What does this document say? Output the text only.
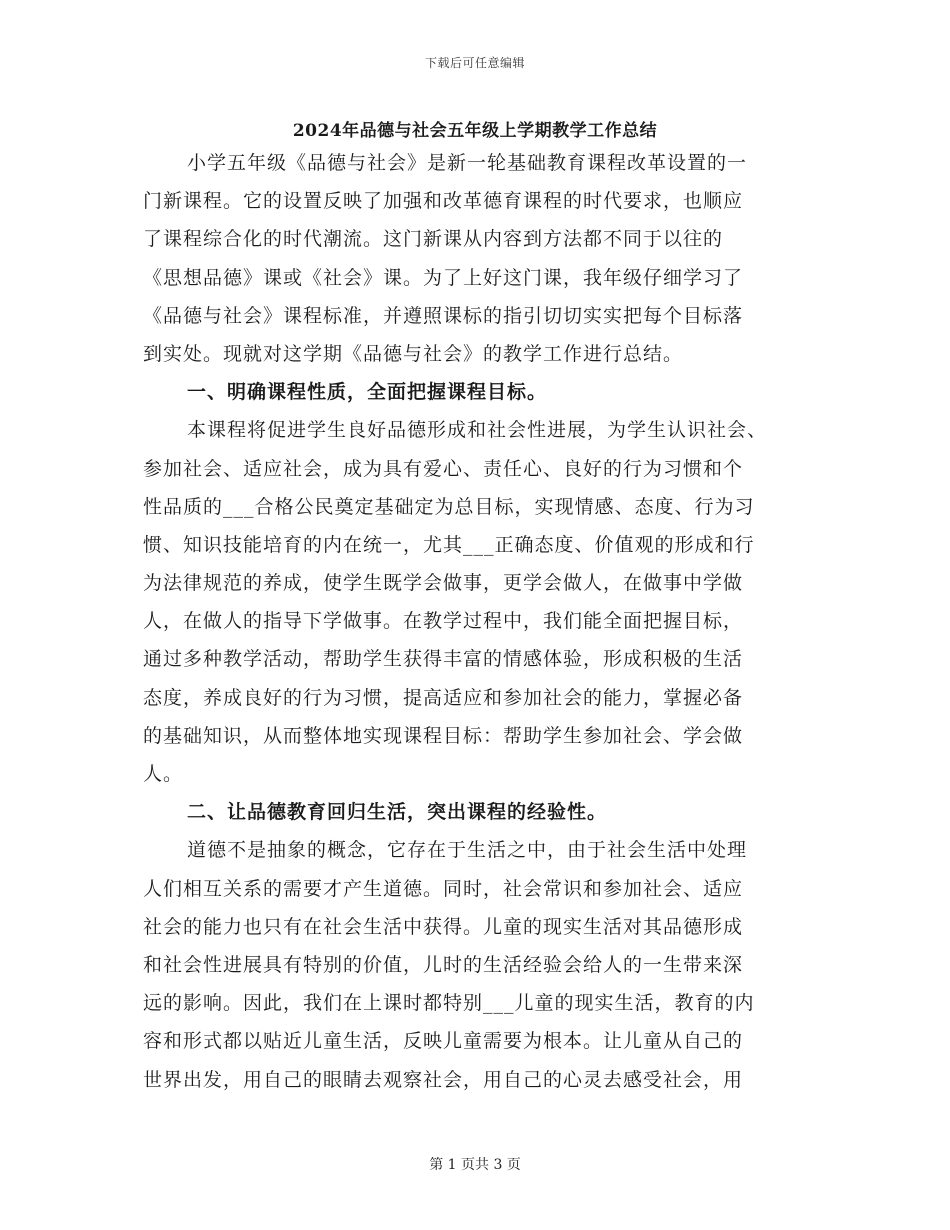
下载后可任意编辑
2024年品德与社会五年级上学期教学工作总结
小学五年级《品德与社会》是新一轮基础教育课程改革设置的一
门新课程。它的设置反映了加强和改革德育课程的时代要求，也顺应
了课程综合化的时代潮流。这门新课从内容到方法都不同于以往的
《思想品德》课或《社会》课。为了上好这门课，我年级仔细学习了
《品德与社会》课程标准，并遵照课标的指引切切实实把每个目标落
到实处。现就对这学期《品德与社会》的教学工作进行总结。
一、明确课程性质，全面把握课程目标。
本课程将促进学生良好品德形成和社会性进展，为学生认识社会、
参加社会、适应社会，成为具有爱心、责任心、良好的行为习惯和个
性品质的___合格公民奠定基础定为总目标，实现情感、态度、行为习
惯、知识技能培育的内在统一，尤其___正确态度、价值观的形成和行
为法律规范的养成，使学生既学会做事，更学会做人，在做事中学做
人，在做人的指导下学做事。在教学过程中，我们能全面把握目标，
通过多种教学活动，帮助学生获得丰富的情感体验，形成积极的生活
态度，养成良好的行为习惯，提高适应和参加社会的能力，掌握必备
的基础知识，从而整体地实现课程目标：帮助学生参加社会、学会做
人。
二、让品德教育回归生活，突出课程的经验性。
道德不是抽象的概念，它存在于生活之中，由于社会生活中处理
人们相互关系的需要才产生道德。同时，社会常识和参加社会、适应
社会的能力也只有在社会生活中获得。儿童的现实生活对其品德形成
和社会性进展具有特别的价值，儿时的生活经验会给人的一生带来深
远的影响。因此，我们在上课时都特别___儿童的现实生活，教育的内
容和形式都以贴近儿童生活，反映儿童需要为根本。让儿童从自己的
世界出发，用自己的眼睛去观察社会，用自己的心灵去感受社会，用
第 1 页共 3 页
